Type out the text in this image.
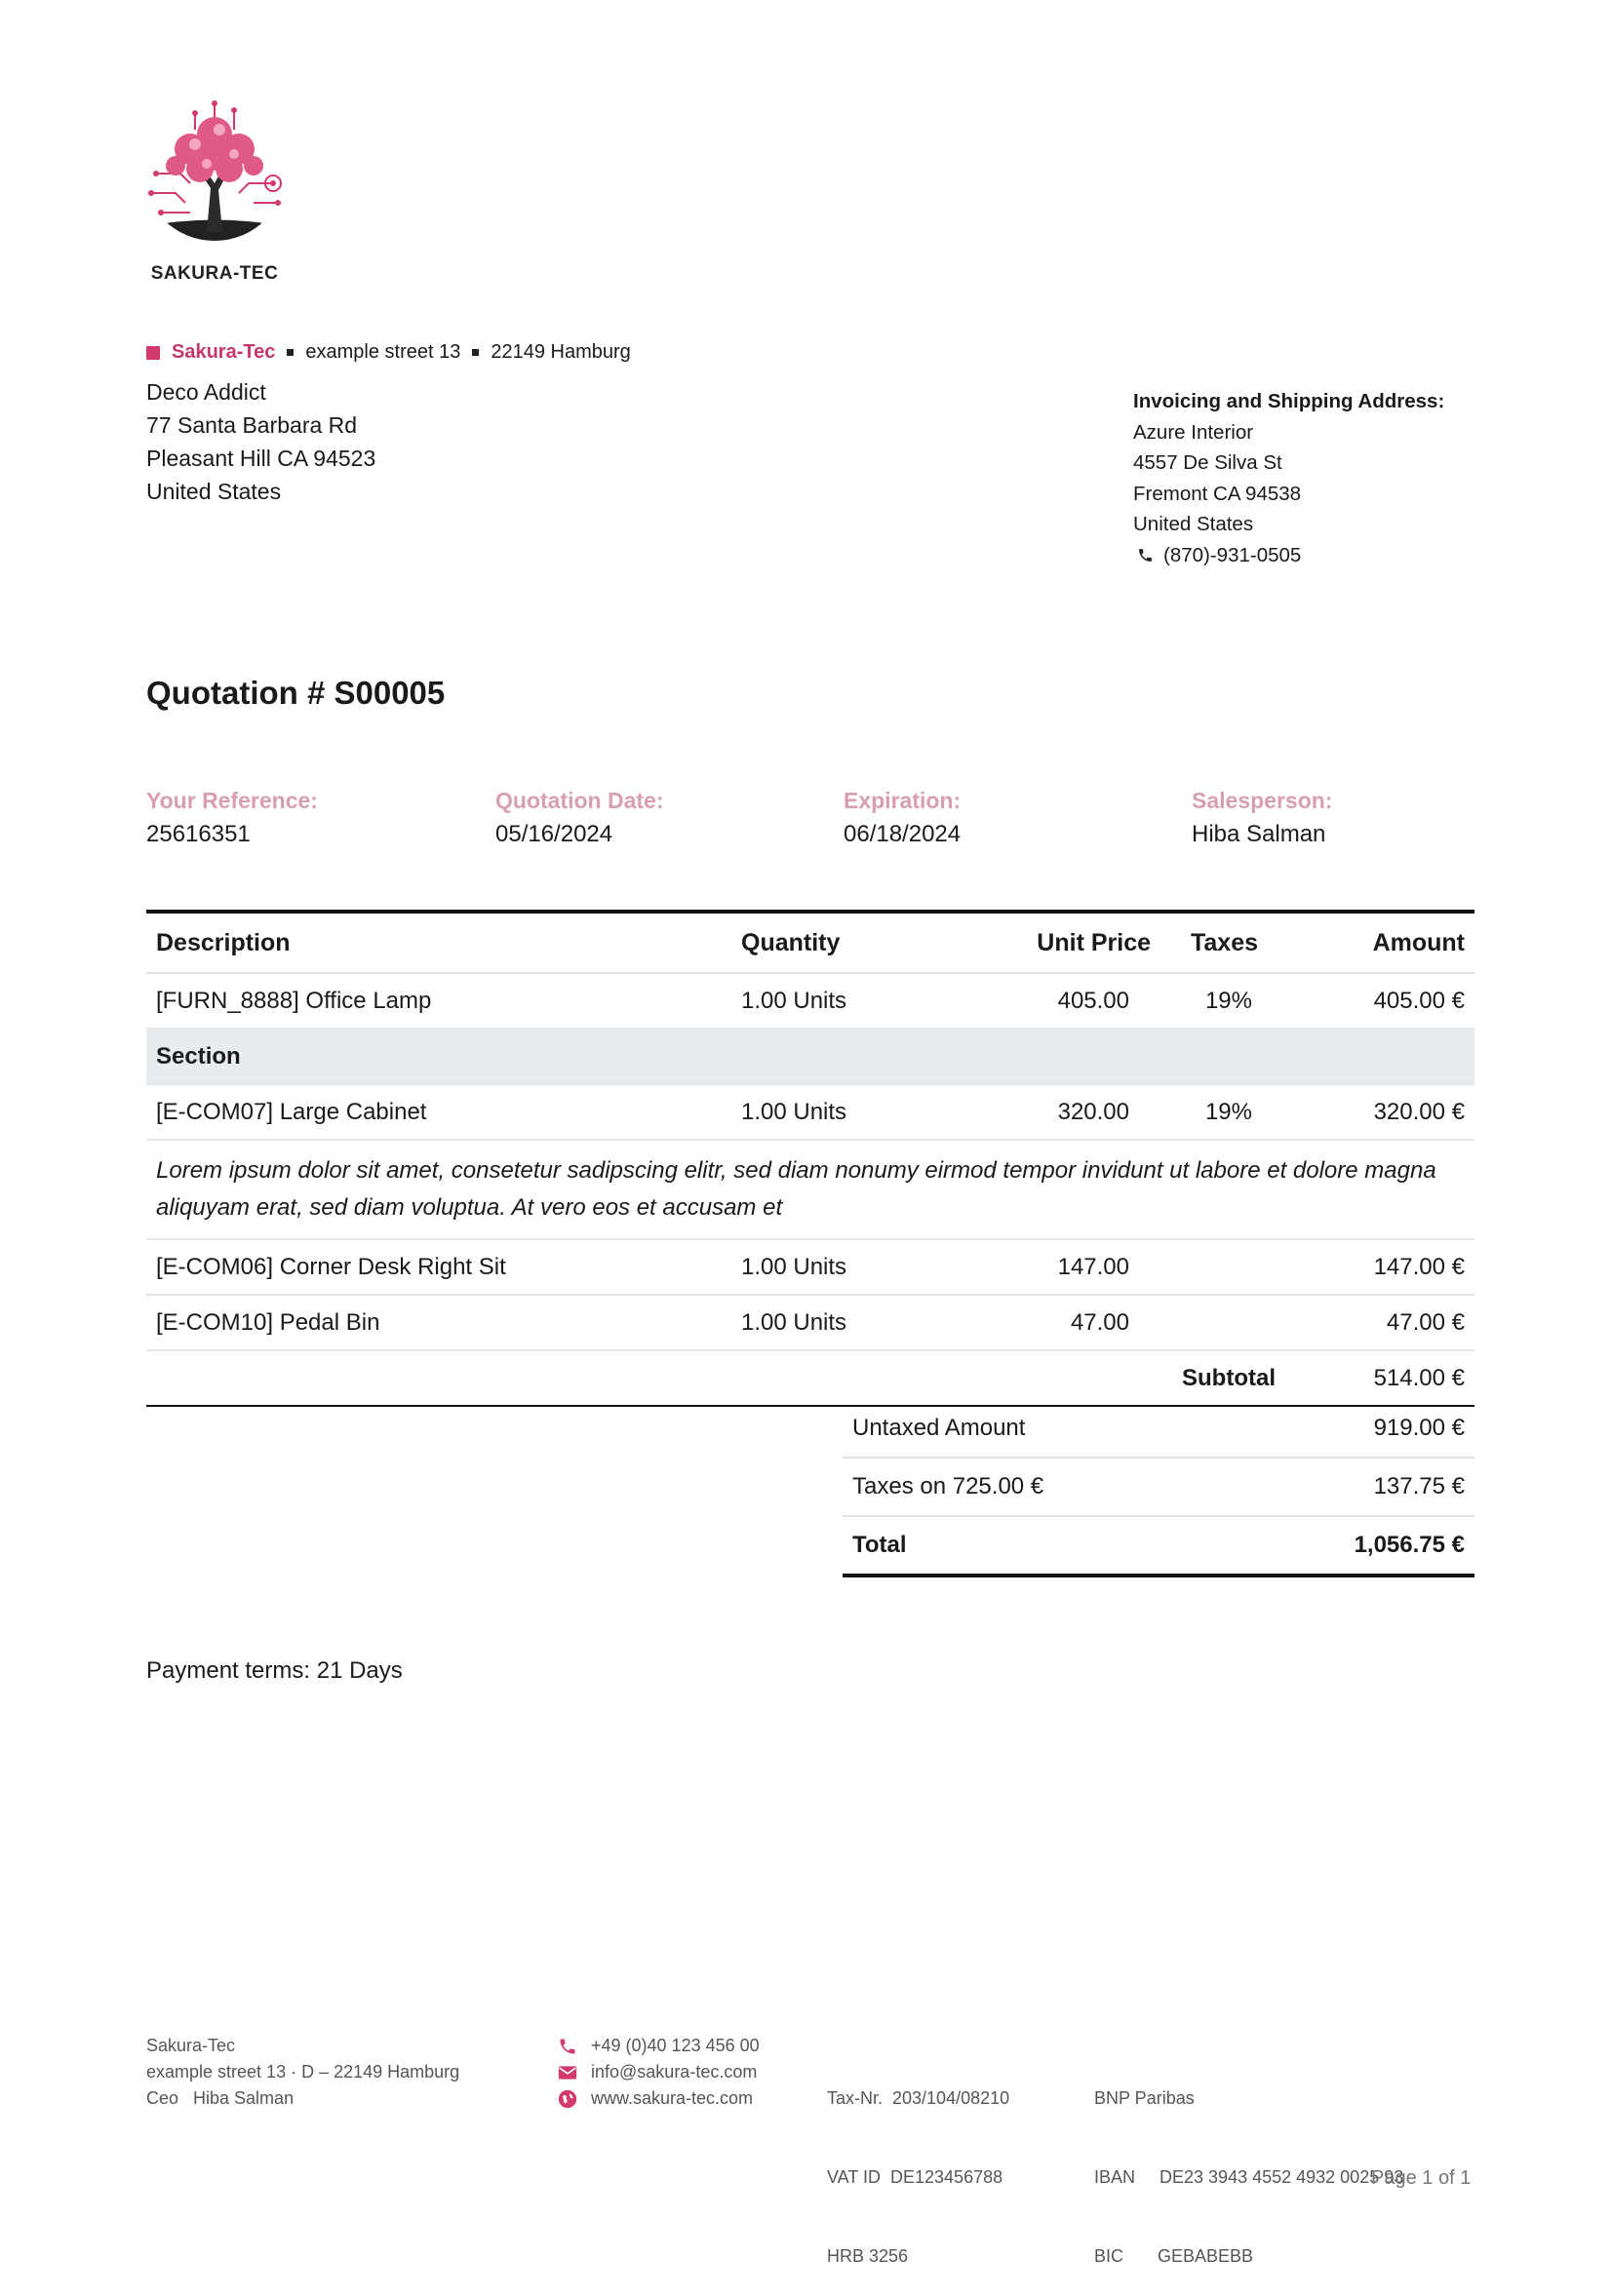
SAKURA-TEC
Sakura-Tec example street 13 22149 Hamburg
Deco Addict
77 Santa Barbara Rd
Pleasant Hill CA 94523
United States
Invoicing and Shipping Address:
Azure Interior
4557 De Silva St
Fremont CA 94538
United States
(870)-931-0505
Quotation # S00005
Your Reference:
25616351
Quotation Date:
05/16/2024
Expiration:
06/18/2024
Salesperson:
Hiba Salman
Description	Quantity	Unit Price	Taxes	Amount
[FURN_8888] Office Lamp	1.00 Units	405.00	19%	405.00 €
Section				
[E-COM07] Large Cabinet	1.00 Units	320.00	19%	320.00 €
Lorem ipsum dolor sit amet, consetetur sadipscing elitr, sed diam nonumy eirmod tempor invidunt ut labore et dolore magna aliquyam erat, sed diam voluptua. At vero eos et accusam et				
[E-COM06] Corner Desk Right Sit	1.00 Units	147.00		147.00 €
[E-COM10] Pedal Bin	1.00 Units	47.00		47.00 €
			Subtotal	514.00 €
Untaxed Amount	919.00 €
Taxes on 725.00 €	137.75 €
Total	1,056.75 €
Payment terms: 21 Days
Sakura-Tec
example street 13 · D – 22149 Hamburg
Ceo   Hiba Salman
+49 (0)40 123 456 00
info@sakura-tec.com
www.sakura-tec.com

	Tax-Nr.  203/104/08210

VAT ID  DE123456788

HRB 3256

BNP Paribas

IBAN     DE23 3943 4552 4932 0025 93

BIC       GEBABEBB

Page 1 of 1
